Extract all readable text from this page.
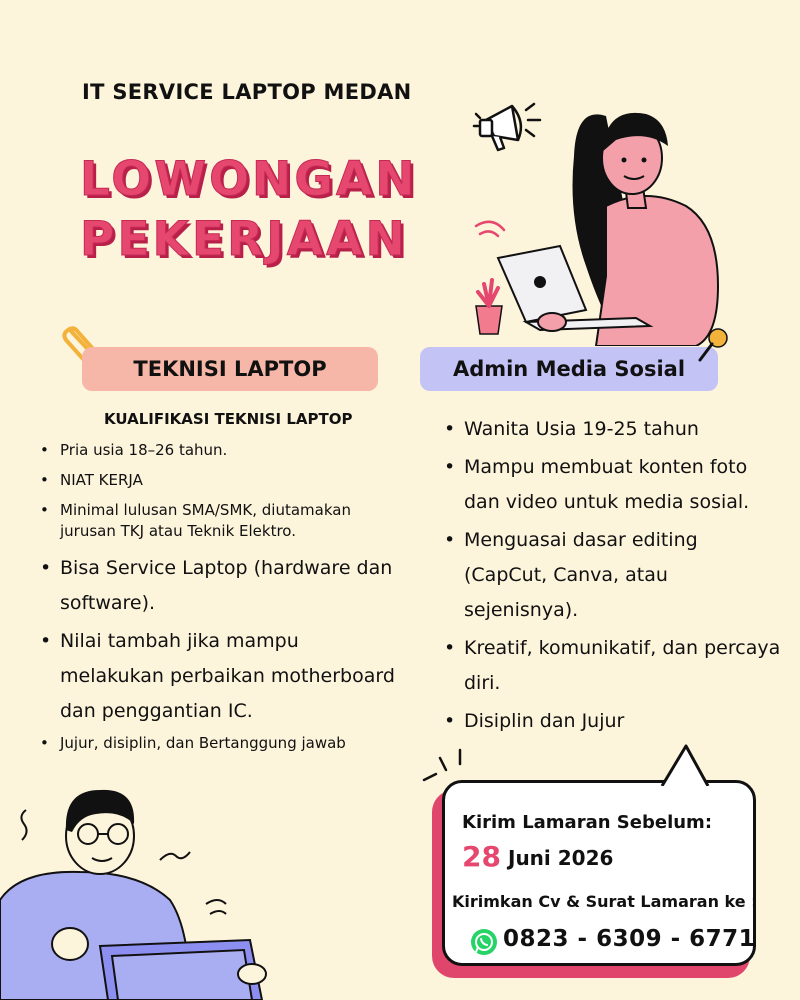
IT SERVICE LAPTOP MEDAN
LOWONGAN
PEKERJAAN
TEKNISI LAPTOP	Admin Media Sosial
KUALIFIKASI TEKNISI LAPTOP
• Pria usia 18–26 tahun.
• NIAT KERJA
• Minimal lulusan SMA/SMK, diutamakan jurusan TKJ atau Teknik Elektro.
• Bisa Service Laptop (hardware dan software).
• Nilai tambah jika mampu melakukan perbaikan motherboard dan penggantian IC.
• Jujur, disiplin, dan Bertanggung jawab
• Wanita Usia 19-25 tahun
• Mampu membuat konten foto dan video untuk media sosial.
• Menguasai dasar editing (CapCut, Canva, atau sejenisnya).
• Kreatif, komunikatif, dan percaya diri.
• Disiplin dan Jujur
Kirim Lamaran Sebelum:
28 Juni 2026
Kirimkan Cv & Surat Lamaran ke :
0823 - 6309 - 6771
